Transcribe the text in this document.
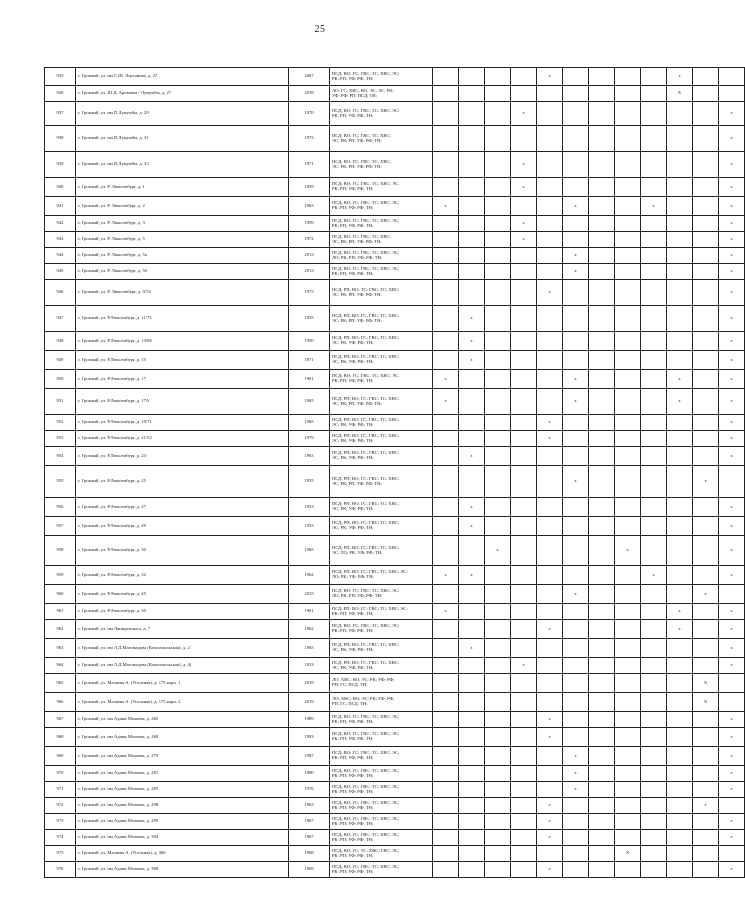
25
935	г. Грозный, ул. им С.Ш. Лорсанова, д. 27	2007	ПСД; ВО; ГС; ГВС; ТС; ХВС; ЭС;
РК; РП; УФ; РФ; ТН;					x					x		
936	г. Грозный, ул. Ш.Д. Арсанова / Лумумбы, д. 27	2018	ЛО; ГС; ХВС; ВО; ЭС; ЭС; РК;
УФ; РФ; РП; ПСД; ТН;										X		
937	г. Грозный, ул. им П.Лумумбы, д. 29	1970	ПСД; ВО; ГС; ГВС; ТС; ХВС; ЭС;
РК; РП; УФ; РФ; ТН;				x								x
938	г. Грозный, ул. им П.Лумумбы, д. 31	1973	ПСД; ВО; ГС; ГВС; ТС; ХВС;
ЭС; РК; РП; УФ; РФ; ТН;												x
939	г. Грозный, ул. им П.Лумумбы, д. 33	1971	ПСД; ВО; ГС; ГВС; ТС; ХВС;
ЭС; РК; РП; УФ; РФ; ТН;				x								x
940	г. Грозный, ул. Р. Люксембург, д. 1	1959	ПСД; ВО; ГС; ГВС; ТС; ХВС; ЭС;
РК; РП; УФ; РФ; ТН;				x								x
941	г. Грозный, ул. Р. Люксембург, д. 2	1963	ПСД; ВО; ГС; ГВС; ТС; ХВС; ЭС;
РК; РП; УФ; РФ; ТН;	x					x			x			x
942	г. Грозный, ул. Р. Люксембург, д. 3	1959	ПСД; ВО; ГС; ГВС; ТС; ХВС; ЭС;
РК; РП; УФ; РФ; ТН;				x								x
943	г. Грозный, ул. Р. Люксембург, д. 5	1972	ПСД; ВО; ГС; ГВС; ТС; ХВС;
ЭС; РК; РП; УФ; РФ; ТН;				x								x
944	г. Грозный, ул. Р. Люксембург, д. 5а	2013	ПСД; ВО; ГС; ГВС; ТС; ХВС; ЭС;
ЛО; РК; РП; УФ; РФ; ТН;						x						x
945	г. Грозный, ул. Р. Люксембург, д. 5б	2013	ПСД; ВО; ГС; ГВС; ТС; ХВС; ЭС;
РК; РП; УФ; РФ; ТН;						x						x
946	г. Грозный, ул. Р. Люксембург, д. 9/74	1975	ПСД; РП; ВО; ТС; ГВС; ТС; ХВС;
ЭС; РК; РП; УФ; РФ; ТН;					x							x
947	г. Грозный, ул. Р.Люксембург, д. 11/73	1955	ПСД; РП; ВО; ГС; ГВС; ТС; ХВС;
ЭС; РК; РП; УФ; РФ; ТН;		x										x
948	г. Грозный, ул. Р.Люксембург, д. 13/86	1950	ПСД; РП; ВО; ГС; ГВС; ТС; ХВС;
ЭС; РК; УФ; РФ; ТН;		x										x
949	г. Грозный, ул. Р.Люксембург, д. 15	1971	ПСД; РП; ВО; ГС; ГВС; ТС; ХВС;
ЭС; РК; УФ; РФ; ТН;		x										x
950	г. Грозный, ул. Р.Люксембург, д. 17	1961	ПСД; ВО; ГС; ГВС; ТС; ХВС; ЭС;
РК; РП; УФ; РФ; ТН;	x					x				x		x
951	г. Грозный, ул. Р.Люксембург, д. 17А	1965	ПСД; РП; ВО; ГС; ГВС; ТС; ХВС;
ЭС; РК; РП; УФ; РФ; ТН;	x					x				x		x
952	г. Грозный, ул. Р.Люксембург, д. 19/71	1965	ПСД; РП; ВО; ГС; ГВС; ТС; ХВС;
ЭС; РК; УФ; РФ; ТН;					x							x
953	г. Грозный, ул. Р.Люксембург, д. 21/52	1979	ПСД; РП; ВО; ГС; ГВС; ТС; ХВС;
ЭС; РК; УФ; РФ; ТН;					x							x
954	г. Грозный, ул. Р.Люксембург, д. 23	1963	ПСД; РП; ВО; ГС; ГВС; ТС; ХВС;
ЭС; РК; УФ; РФ; ТН;		x										x
955	г. Грозный, ул. Р.Люксембург, д. 25	1955	ПСД; РП; ВО; ГС; ГВС; ТС; ХВС;
ЭС; РК; РП; УФ; РФ; ТН;						x					x	
956	г. Грозный, ул. Р.Люксембург, д. 27	1953	ПСД; РП; ВО; ГС; ГВС; ТС; ХВС;
ЭС; РК; УФ; РФ; ТН;		x										x
957	г. Грозный, ул. Р.Люксембург, д. 29	1953	ПСД; РП; ВО; ГС; ГВС; ТС; ХВС;
ЭС; РК; УФ; РФ; ТН;		x										x
958	г. Грозный, ул. Р.Люксембург, д. 30	1965	ПСД; РП; ВО; ГС; ГВС; ТС; ХВС;
ЭС; ЛО; РК; УФ; РФ; ТН;			x					x				x
959	г. Грозный, ул. Р.Люксембург, д. 32	1962	ПСД; РП; ВО; ГС; ГВС; ТС; ХВС; ЭС;
ЛО; РК; УФ; РФ; ТН;	x	x							x			x
960	г. Грозный, ул. Р.Люксембург, д. 45	2015	ПСД; ВО; ГС; ГВС; ТС; ХВС; ЭС;
ЛО; РК; РП; УФ; РФ; ТН;						x					x	
961	г. Грозный, ул. Р.Люксембург, д. 50	1961	ПСД; РП; ВО; ГС; ГВС; ТС; ХВС; ЭС;
РК; РП; УФ; РФ; ТН;	x									x		x
962	г. Грозный, ул. им Ляпидевского, д. 7	1962	ПСД; ВО; ГС; ГВС; ТС; ХВС; ЭС;
РК; РП; УФ; РФ; ТН;					x					x		x
963	г. Грозный, ул. им Л.Д.Магомадова (Комсомольская), д. 2	1965	ПСД; РП; ВО; ГС; ГВС; ТС; ХВС;
ЭС; РК; УФ; РФ; ТН;		x										x
964	г. Грозный, ул. им Л.Д.Магомадова (Комсомольская), д. 4)	1953	ПСД; РП; ВО; ГС; ГВС; ТС; ХВС;
ЭС; РК; УФ; РФ; ТН;				x								x
965	г. Грозный, ул. Малаева А. (Угольная), д. 175 корп. 1	2019	ЛО; ХВС; ВО; ЭС; РК; УФ; РФ;
РП; ГС; ПСД; ТН;											X	
966	г. Грозный, ул. Малаева А. (Угольная), д. 175 корп. 2	2019	ЛО; ХВС; ВО; ЭС; РК; УФ; РФ;
РП; ГС; ПСД; ТН;											X	
967	г. Грозный, ул. им Адама Малаева, д. 265	1989	ПСД; ВО; ГС; ГВС; ТС; ХВС; ЭС;
РК; РП; УФ; РФ; ТН;					x							x
968	г. Грозный, ул. им Адама Малаева, д. 269	1993	ПСД; ВО; ГС; ГВС; ТС; ХВС; ЭС;
РК; РП; УФ; РФ; ТН;					x							x
969	г. Грозный, ул. им Адама Малаева, д. 279	1987	ПСД; ВО; ГС; ГВС; ТС; ХВС; ЭС;
РК; РП; УФ; РФ; ТН;						x						x
970	г. Грозный, ул. им Адама Малаева, д. 281	1980	ПСД; ВО; ГС; ГВС; ТС; ХВС; ЭС;
РК; РП; УФ; РФ; ТН;						x						x
971	г. Грозный, ул. им Адама Малаева, д. 285	1976	ПСД; ВО; ГС; ГВС; ТС; ХВС; ЭС;
РК; РП; УФ; РФ; ТН;						x						x
972	г. Грозный, ул. им Адама Малаева, д. 298	1963	ПСД; ВО; ГС; ГВС; ТС; ХВС; ЭС;
РК; РП; УФ; РФ; ТН;					x						x	
973	г. Грозный, ул. им Адама Малаева, д. 299	1967	ПСД; ВО; ГС; ГВС; ТС; ХВС; ЭС;
РК; РП; УФ; РФ; ТН;					x							x
974	г. Грозный, ул. им Адама Малаева, д. 304	1967	ПСД; ВО; ГС; ГВС; ТС; ХВС; ЭС;
РК; РП; УФ; РФ; ТН;					x							x
975	г. Грозный, ул. Малаева А. (Угольная), д. 306	1968	ПСД; ВО; ГС; ТС; ХВС; ГВС; ЭС;
РК; РП; УФ; РФ; ТН;								X				
976	г. Грозный, ул. им Адама Малаева, д. 308	1969	ПСД; ВО; ГС; ГВС; ТС; ХВС; ЭС;
РК; РП; УФ; РФ; ТН;					x							x
